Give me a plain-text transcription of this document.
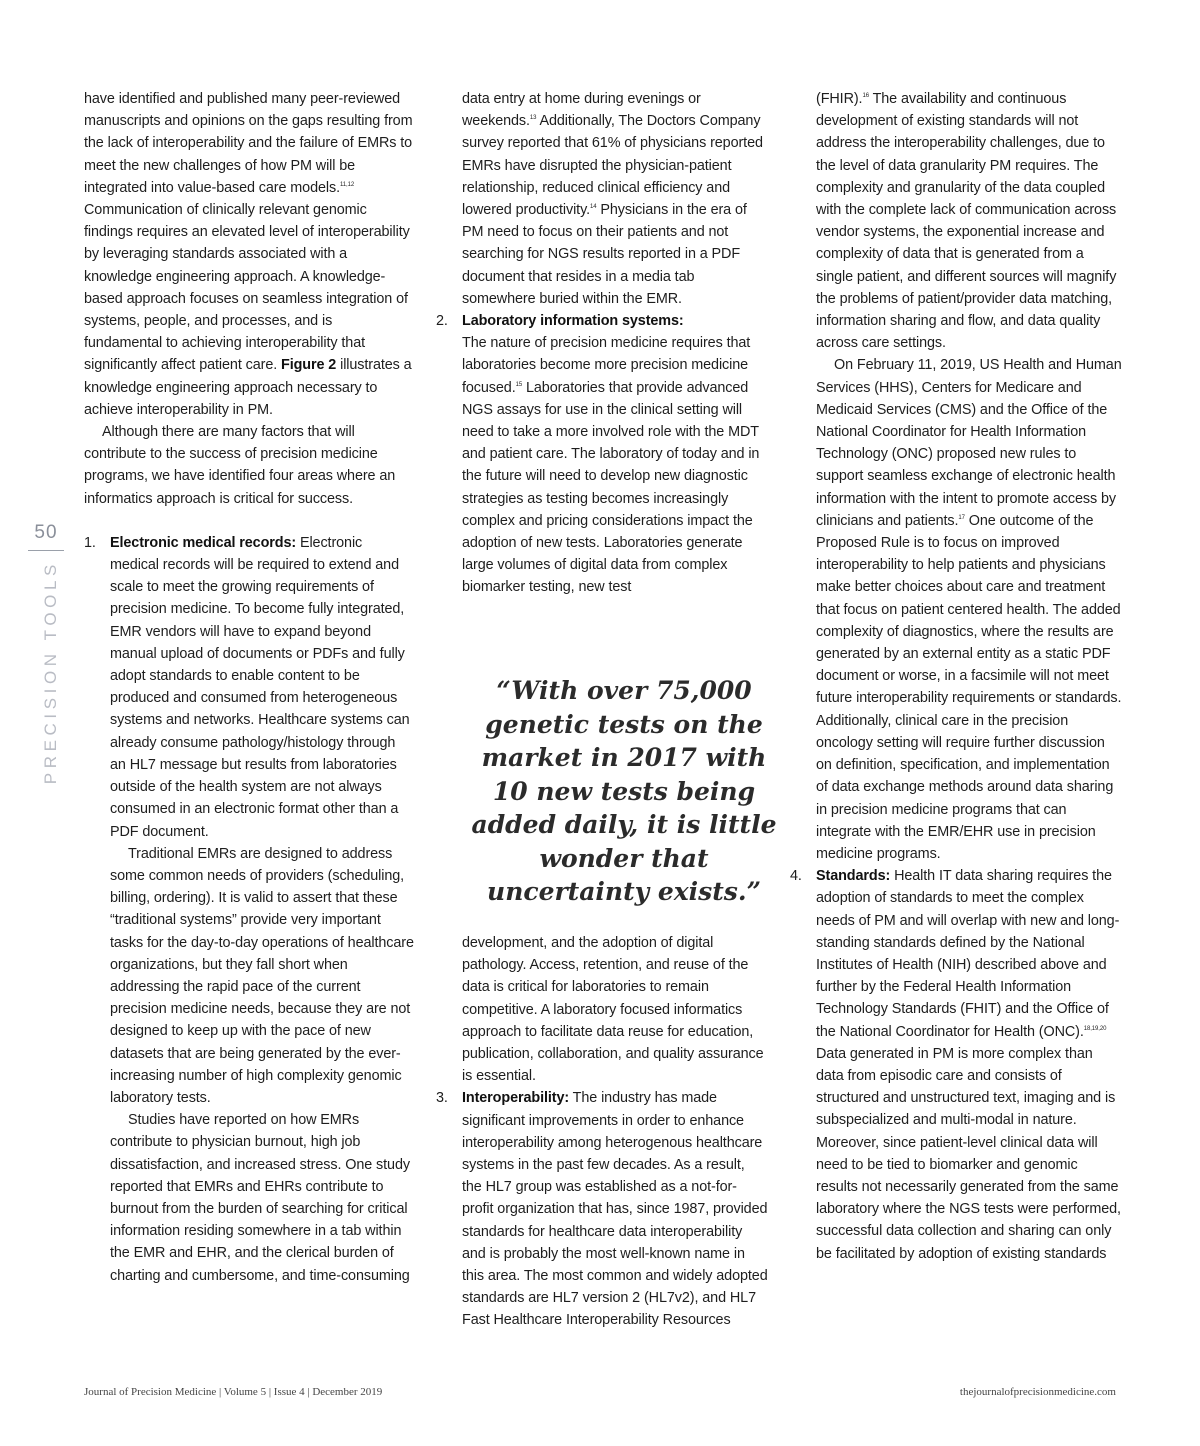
50
PRECISION TOOLS

have identified and published many peer-reviewed manuscripts and opinions on the gaps resulting from the lack of interoperability and the failure of EMRs to meet the new challenges of how PM will be integrated into value-based care models.$^{11,12}$ Communication of clinically relevant genomic findings requires an elevated level of interoperability by leveraging standards associated with a knowledge engineering approach. A knowledge-based approach focuses on seamless integration of systems, people, and processes, and is fundamental to achieving interoperability that significantly affect patient care. Figure 2 illustrates a knowledge engineering approach necessary to achieve interoperability in PM.

Although there are many factors that will contribute to the success of precision medicine programs, we have identified four areas where an informatics approach is critical for success.

1. Electronic medical records: Electronic medical records will be required to extend and scale to meet the growing requirements of precision medicine. To become fully integrated, EMR vendors will have to expand beyond manual upload of documents or PDFs and fully adopt standards to enable content to be produced and consumed from heterogeneous systems and networks. Healthcare systems can already consume pathology/histology through an HL7 message but results from laboratories outside of the health system are not always consumed in an electronic format other than a PDF document.

Traditional EMRs are designed to address some common needs of providers (scheduling, billing, ordering). It is valid to assert that these “traditional systems” provide very important tasks for the day-to-day operations of healthcare organizations, but they fall short when addressing the rapid pace of the current precision medicine needs, because they are not designed to keep up with the pace of new datasets that are being generated by the ever-increasing number of high complexity genomic laboratory tests.

Studies have reported on how EMRs contribute to physician burnout, high job dissatisfaction, and increased stress. One study reported that EMRs and EHRs contribute to burnout from the burden of searching for critical information residing somewhere in a tab within the EMR and EHR, and the clerical burden of charting and cumbersome, and time-consuming

data entry at home during evenings or weekends.$^{13}$ Additionally, The Doctors Company survey reported that 61% of physicians reported EMRs have disrupted the physician-patient relationship, reduced clinical efficiency and lowered productivity.$^{14}$ Physicians in the era of PM need to focus on their patients and not searching for NGS results reported in a PDF document that resides in a media tab somewhere buried within the EMR.

2. Laboratory information systems:

The nature of precision medicine requires that laboratories become more precision medicine focused.$^{15}$ Laboratories that provide advanced NGS assays for use in the clinical setting will need to take a more involved role with the MDT and patient care. The laboratory of today and in the future will need to develop new diagnostic strategies as testing becomes increasingly complex and pricing considerations impact the adoption of new tests. Laboratories generate large volumes of digital data from complex biomarker testing, new test

development, and the adoption of digital pathology. Access, retention, and reuse of the data is critical for laboratories to remain competitive. A laboratory focused informatics approach to facilitate data reuse for education, publication, collaboration, and quality assurance is essential.

3. Interoperability: The industry has made significant improvements in order to enhance interoperability among heterogenous healthcare systems in the past few decades. As a result, the HL7 group was established as a not-for-profit organization that has, since 1987, provided standards for healthcare data interoperability and is probably the most well-known name in this area. The most common and widely adopted standards are HL7 version 2 (HL7v2), and HL7 Fast Healthcare Interoperability Resources

“With over 75,000 genetic tests on the market in 2017 with 10 new tests being added daily, it is little wonder that uncertainty exists.”

(FHIR).$^{16}$ The availability and continuous development of existing standards will not address the interoperability challenges, due to the level of data granularity PM requires. The complexity and granularity of the data coupled with the complete lack of communication across vendor systems, the exponential increase and complexity of data that is generated from a single patient, and different sources will magnify the problems of patient/provider data matching, information sharing and flow, and data quality across care settings.

On February 11, 2019, US Health and Human Services (HHS), Centers for Medicare and Medicaid Services (CMS) and the Office of the National Coordinator for Health Information Technology (ONC) proposed new rules to support seamless exchange of electronic health information with the intent to promote access by clinicians and patients.$^{17}$ One outcome of the Proposed Rule is to focus on improved interoperability to help patients and physicians make better choices about care and treatment that focus on patient centered health. The added complexity of diagnostics, where the results are generated by an external entity as a static PDF document or worse, in a facsimile will not meet future interoperability requirements or standards. Additionally, clinical care in the precision oncology setting will require further discussion on definition, specification, and implementation of data exchange methods around data sharing in precision medicine programs that can integrate with the EMR/EHR use in precision medicine programs.

4. Standards: Health IT data sharing requires the adoption of standards to meet the complex needs of PM and will overlap with new and long-standing standards defined by the National Institutes of Health (NIH) described above and further by the Federal Health Information Technology Standards (FHIT) and the Office of the National Coordinator for Health (ONC).$^{18,19,20}$ Data generated in PM is more complex than data from episodic care and consists of structured and unstructured text, imaging and is subspecialized and multi-modal in nature. Moreover, since patient-level clinical data will need to be tied to biomarker and genomic results not necessarily generated from the same laboratory where the NGS tests were performed, successful data collection and sharing can only be facilitated by adoption of existing standards

Journal of Precision Medicine | Volume 5 | Issue 4 | December 2019	thejournalofprecisionmedicine.com
